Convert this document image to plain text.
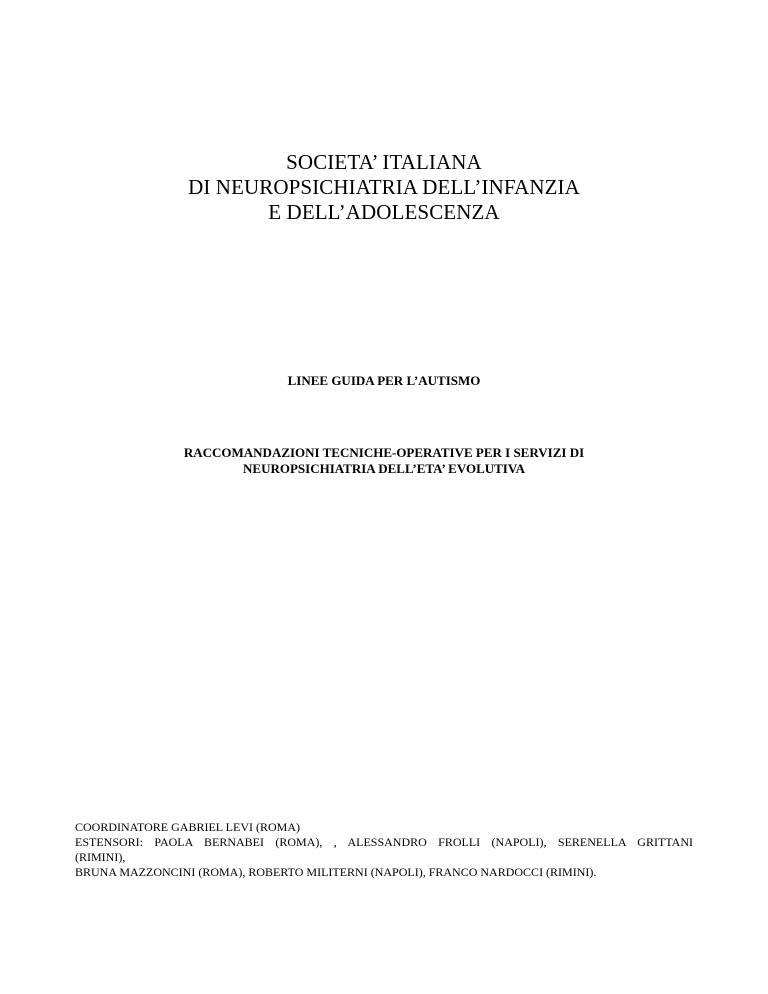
SOCIETA’ ITALIANA
DI NEUROPSICHIATRIA DELL’INFANZIA
E DELL’ADOLESCENZA
LINEE GUIDA PER L’AUTISMO
RACCOMANDAZIONI TECNICHE-OPERATIVE PER I SERVIZI DI
NEUROPSICHIATRIA DELL’ETA’ EVOLUTIVA
COORDINATORE GABRIEL LEVI (ROMA)
ESTENSORI: PAOLA BERNABEI (ROMA), , ALESSANDRO FROLLI (NAPOLI), SERENELLA GRITTANI
(RIMINI),
BRUNA MAZZONCINI (ROMA), ROBERTO MILITERNI (NAPOLI), FRANCO NARDOCCI (RIMINI).
